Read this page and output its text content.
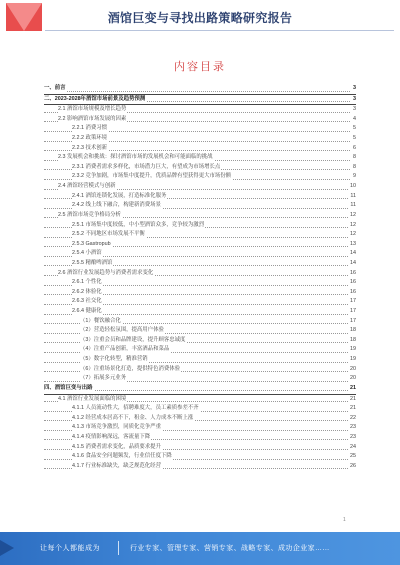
酒馆巨变与寻找出路策略研究报告
内容目录
一、前言	3
二、2023-2028年酒馆市场前景及趋势预测	3
2.1 酒馆市场规模及增长趋势	3
2.2 影响酒馆市场发展的因素	4
2.2.1 消费习惯	5
2.2.2 政策环境	5
2.2.3 技术创新	6
2.3 发展机会和挑战：探讨酒馆市场的发展机会和可能面临的挑战	8
2.3.1 消费者需求多样化，市场潜力巨大，有望成为市场增长点	8
2.3.2 竞争加剧，市场集中度提升，优质品牌有望获得更大市场份额	9
2.4 酒馆经营模式与创新	10
2.4.1 酒馆连锁化发展，打造标准化服务	11
2.4.2 线上线下融合，构建新消费场景	11
2.5 酒馆市场竞争格局分析	12
2.5.1 市场集中度较低，中小型酒馆众多，竞争较为激烈	12
2.5.2 不同地区市场发展不平衡	12
2.5.3 Gastropub	13
2.5.4 小酒馆	14
2.5.5 精酿啤酒馆	14
2.6 酒馆行业发展趋势与消费者需求变化	16
2.6.1 个性化	16
2.6.2 体验化	16
2.6.3 社交化	17
2.6.4 健康化	17
（1）餐饮融合化	17
（2）营造轻松氛围，提高用户体验	18
（3）注重会员和品牌建设，提升顾客忠诚度	18
（4）注重产品创新，丰富酒品和菜品	19
（5）数字化转型，精准营销	19
（6）注重场景化打造，提供特色消费体验	20
（7）拓展多元业务	20
四、酒馆巨变与出路	21
4.1 酒馆行业发展面临的困境	21
4.1.1 人员流动性大，招聘难度大，员工素质参差不齐	21
4.1.2 经营成本居高不下，租金、人力成本不断上涨	22
4.1.3 市场竞争激烈，同质化竞争严重	23
4.1.4 疫情影响深远，客流量下降	23
4.1.5 消费者需求变化，品质要求提升	24
4.1.6 食品安全问题频发，行业信任度下降	25
4.1.7 行业标准缺失，缺乏规范化经营	26
1
让每个人都能成为	行业专家、管理专家、营销专家、战略专家、成功企业家……
